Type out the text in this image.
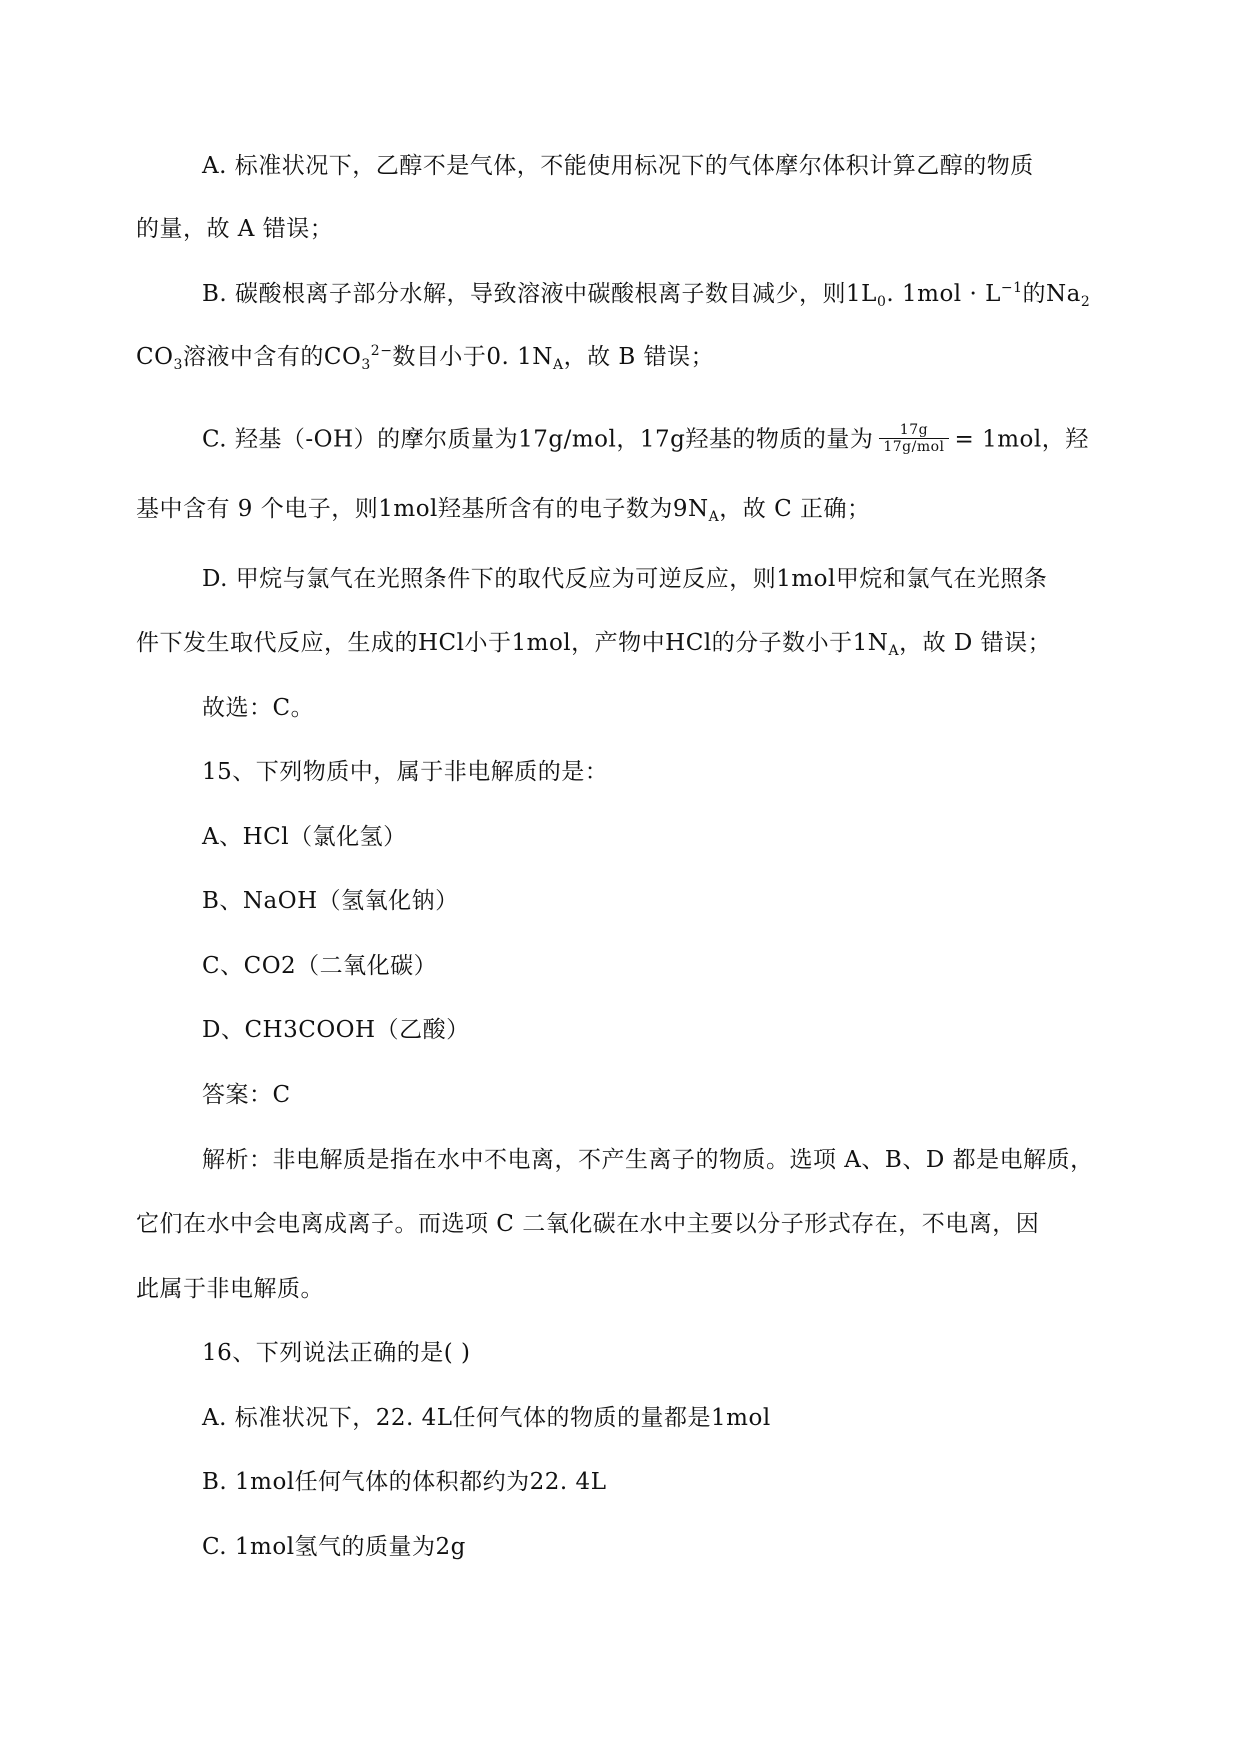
A. 标准状况下，乙醇不是气体，不能使用标况下的气体摩尔体积计算乙醇的物质
的量，故 A 错误；
B. 碳酸根离子部分水解，导致溶液中碳酸根离子数目减少，则$1L_0$. $1mol \cdot L^{-1}$的$Na_2$
$CO_3$溶液中含有的$CO_3^{2-}$数目小于0. $1N_A$，故 B 错误；
C. 羟基（-OH）的摩尔质量为17g/mol，17g羟基的物质的量为 $\frac{17g}{\text{17g/mol}} = 1mol$，羟
基中含有 9 个电子，则1mol羟基所含有的电子数为$9N_A$，故 C 正确；
D. 甲烷与氯气在光照条件下的取代反应为可逆反应，则1mol甲烷和氯气在光照条
件下发生取代反应，生成的HCl小于1mol，产物中HCl的分子数小于$1N_A$，故 D 错误；
故选：C。
15、下列物质中，属于非电解质的是：
A、HCl（氯化氢）
B、NaOH（氢氧化钠）
C、CO2（二氧化碳）
D、CH3COOH（乙酸）
答案：C
解析：非电解质是指在水中不电离，不产生离子的物质。选项 A、B、D 都是电解质，
它们在水中会电离成离子。而选项 C 二氧化碳在水中主要以分子形式存在，不电离，因
此属于非电解质。
16、下列说法正确的是( )
A. 标准状况下，22. 4L任何气体的物质的量都是1mol
B. 1mol任何气体的体积都约为22. 4L
C. 1mol氢气的质量为2g
